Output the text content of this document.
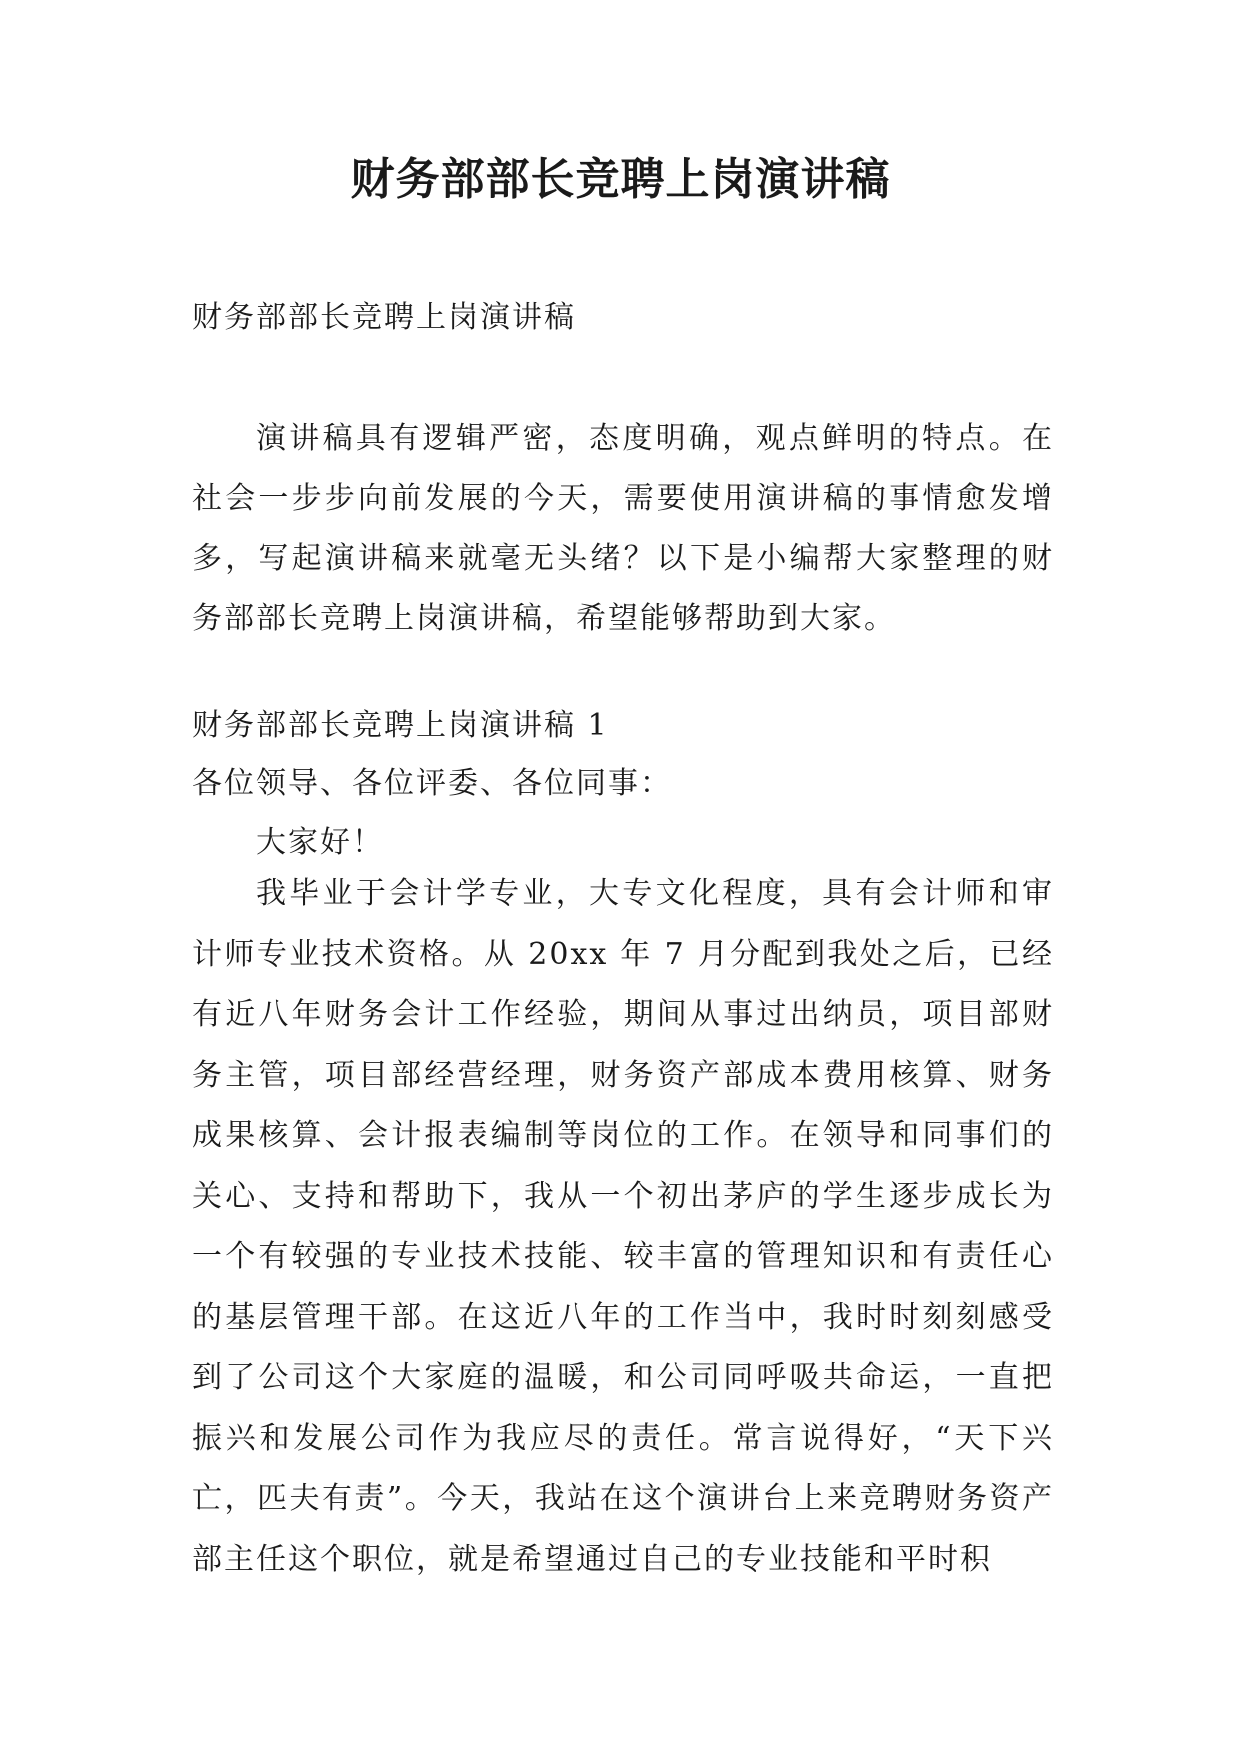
财务部部长竞聘上岗演讲稿

财务部部长竞聘上岗演讲稿

演讲稿具有逻辑严密，态度明确，观点鲜明的特点。在社会一步步向前发展的今天，需要使用演讲稿的事情愈发增多，写起演讲稿来就毫无头绪？以下是小编帮大家整理的财务部部长竞聘上岗演讲稿，希望能够帮助到大家。

财务部部长竞聘上岗演讲稿 1

各位领导、各位评委、各位同事：

大家好！

我毕业于会计学专业，大专文化程度，具有会计师和审计师专业技术资格。从 20xx 年 7 月分配到我处之后，已经有近八年财务会计工作经验，期间从事过出纳员，项目部财务主管，项目部经营经理，财务资产部成本费用核算、财务成果核算、会计报表编制等岗位的工作。在领导和同事们的关心、支持和帮助下，我从一个初出茅庐的学生逐步成长为一个有较强的专业技术技能、较丰富的管理知识和有责任心的基层管理干部。在这近八年的工作当中，我时时刻刻感受到了公司这个大家庭的温暖，和公司同呼吸共命运，一直把振兴和发展公司作为我应尽的责任。常言说得好，“天下兴亡，匹夫有责”。今天，我站在这个演讲台上来竞聘财务资产部主任这个职位，就是希望通过自己的专业技能和平时积
